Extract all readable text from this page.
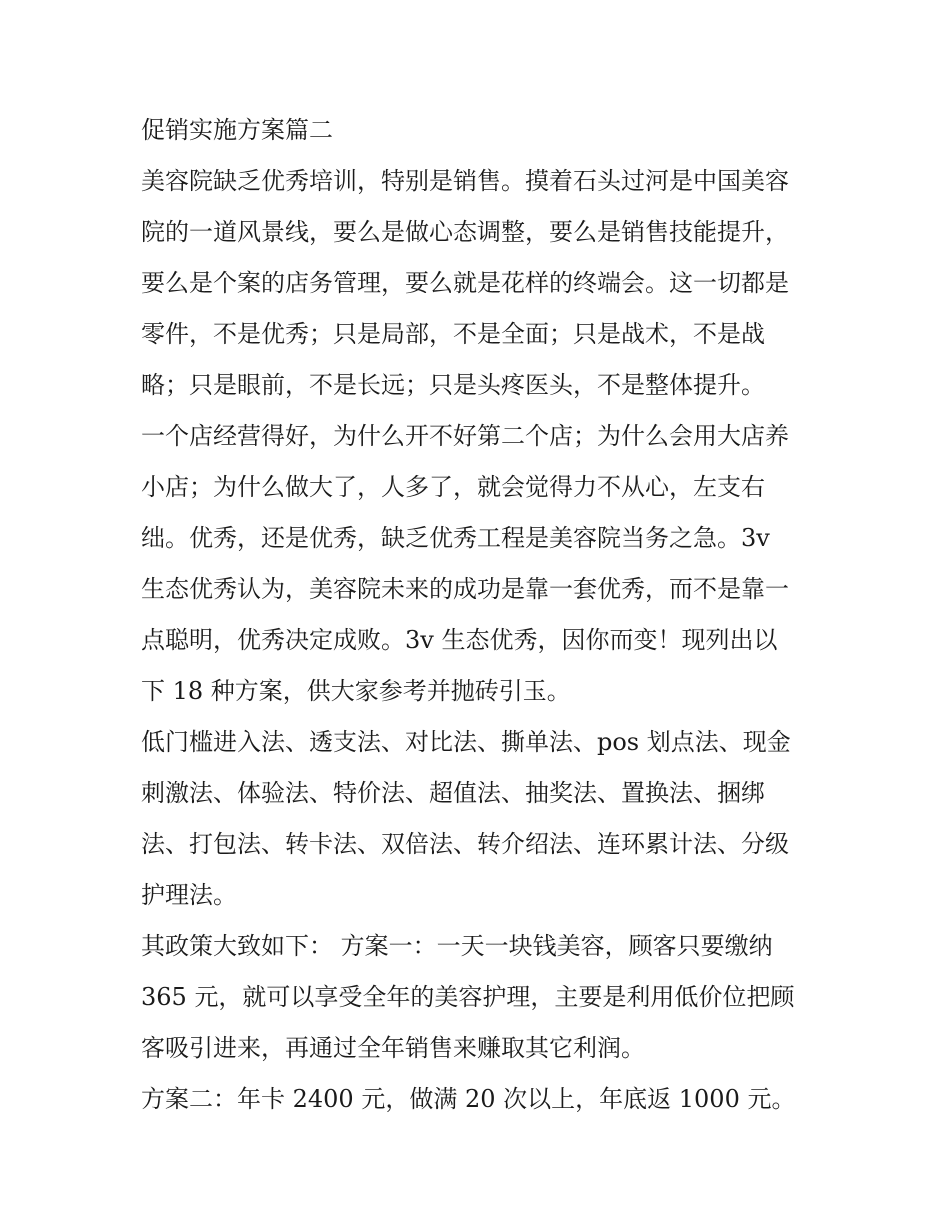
促销实施方案篇二
美容院缺乏优秀培训，特别是销售。摸着石头过河是中国美容
院的一道风景线，要么是做心态调整，要么是销售技能提升，
要么是个案的店务管理，要么就是花样的终端会。这一切都是
零件，不是优秀；只是局部，不是全面；只是战术，不是战
略；只是眼前，不是长远；只是头疼医头，不是整体提升。
一个店经营得好，为什么开不好第二个店；为什么会用大店养
小店；为什么做大了，人多了，就会觉得力不从心，左支右
绌。优秀，还是优秀，缺乏优秀工程是美容院当务之急。3v
生态优秀认为，美容院未来的成功是靠一套优秀，而不是靠一
点聪明，优秀决定成败。3v 生态优秀，因你而变！现列出以
下 18 种方案，供大家参考并抛砖引玉。
低门槛进入法、透支法、对比法、撕单法、pos 划点法、现金
刺激法、体验法、特价法、超值法、抽奖法、置换法、捆绑
法、打包法、转卡法、双倍法、转介绍法、连环累计法、分级
护理法。
其政策大致如下： 方案一：一天一块钱美容，顾客只要缴纳
365 元，就可以享受全年的美容护理，主要是利用低价位把顾
客吸引进来，再通过全年销售来赚取其它利润。
方案二：年卡 2400 元，做满 20 次以上，年底返 1000 元。
